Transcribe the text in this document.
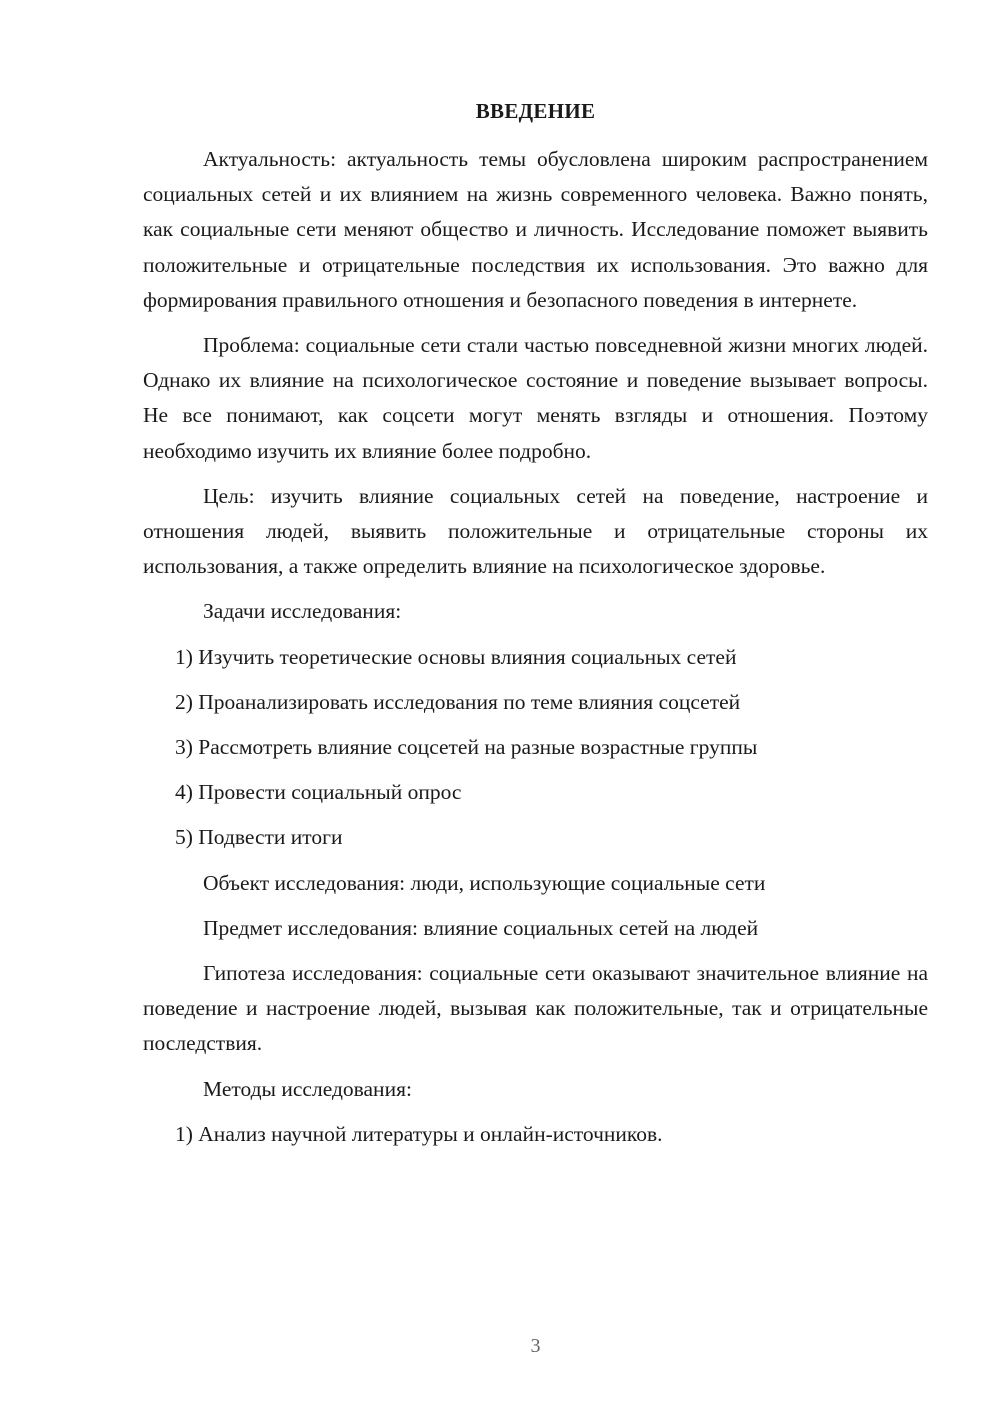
ВВЕДЕНИЕ

Актуальность: актуальность темы обусловлена широким распространением социальных сетей и их влиянием на жизнь современного человека. Важно понять, как социальные сети меняют общество и личность. Исследование поможет выявить положительные и отрицательные последствия их использования. Это важно для формирования правильного отношения и безопасного поведения в интернете.

Проблема: социальные сети стали частью повседневной жизни многих людей. Однако их влияние на психологическое состояние и поведение вызывает вопросы. Не все понимают, как соцсети могут менять взгляды и отношения. Поэтому необходимо изучить их влияние более подробно.

Цель: изучить влияние социальных сетей на поведение, настроение и отношения людей, выявить положительные и отрицательные стороны их использования, а также определить влияние на психологическое здоровье.

Задачи исследования:

1) Изучить теоретические основы влияния социальных сетей

2) Проанализировать исследования по теме влияния соцсетей

3) Рассмотреть влияние соцсетей на разные возрастные группы

4) Провести социальный опрос

5) Подвести итоги

Объект исследования: люди, использующие социальные сети

Предмет исследования: влияние социальных сетей на людей

Гипотеза исследования: социальные сети оказывают значительное влияние на поведение и настроение людей, вызывая как положительные, так и отрицательные последствия.

Методы исследования:

1) Анализ научной литературы и онлайн-источников.

3
